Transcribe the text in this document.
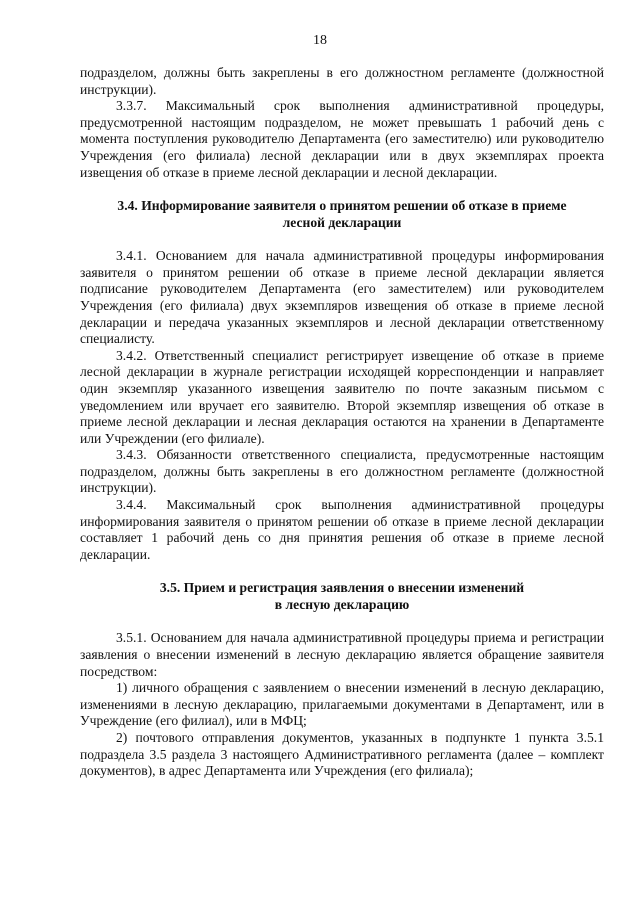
18

подразделом, должны быть закреплены в его должностном регламенте (должностной инструкции).

3.3.7. Максимальный срок выполнения административной процедуры, предусмотренной настоящим подразделом, не может превышать 1 рабочий день с момента поступления руководителю Департамента (его заместителю) или руководителю Учреждения (его филиала) лесной декларации или в двух экземплярах проекта извещения об отказе в приеме лесной декларации и лесной декларации.

3.4. Информирование заявителя о принятом решении об отказе в приеме
лесной декларации

3.4.1. Основанием для начала административной процедуры информирования заявителя о принятом решении об отказе в приеме лесной декларации является подписание руководителем Департамента (его заместителем) или руководителем Учреждения (его филиала) двух экземпляров извещения об отказе в приеме лесной декларации и передача указанных экземпляров и лесной декларации ответственному специалисту.

3.4.2. Ответственный специалист регистрирует извещение об отказе в приеме лесной декларации в журнале регистрации исходящей корреспонденции и направляет один экземпляр указанного извещения заявителю по почте заказным письмом с уведомлением или вручает его заявителю. Второй экземпляр извещения об отказе в приеме лесной декларации и лесная декларация остаются на хранении в Департаменте или Учреждении (его филиале).

3.4.3. Обязанности ответственного специалиста, предусмотренные настоящим подразделом, должны быть закреплены в его должностном регламенте (должностной инструкции).

3.4.4. Максимальный срок выполнения административной процедуры информирования заявителя о принятом решении об отказе в приеме лесной декларации составляет 1 рабочий день со дня принятия решения об отказе в приеме лесной декларации.

3.5. Прием и регистрация заявления о внесении изменений
в лесную декларацию

3.5.1. Основанием для начала административной процедуры приема и регистрации заявления о внесении изменений в лесную декларацию является обращение заявителя посредством:

1) личного обращения с заявлением о внесении изменений в лесную декларацию, изменениями в лесную декларацию, прилагаемыми документами в Департамент, или в Учреждение (его филиал), или в МФЦ;

2) почтового отправления документов, указанных в подпункте 1 пункта 3.5.1 подраздела 3.5 раздела 3 настоящего Административного регламента (далее – комплект документов), в адрес Департамента или Учреждения (его филиала);
